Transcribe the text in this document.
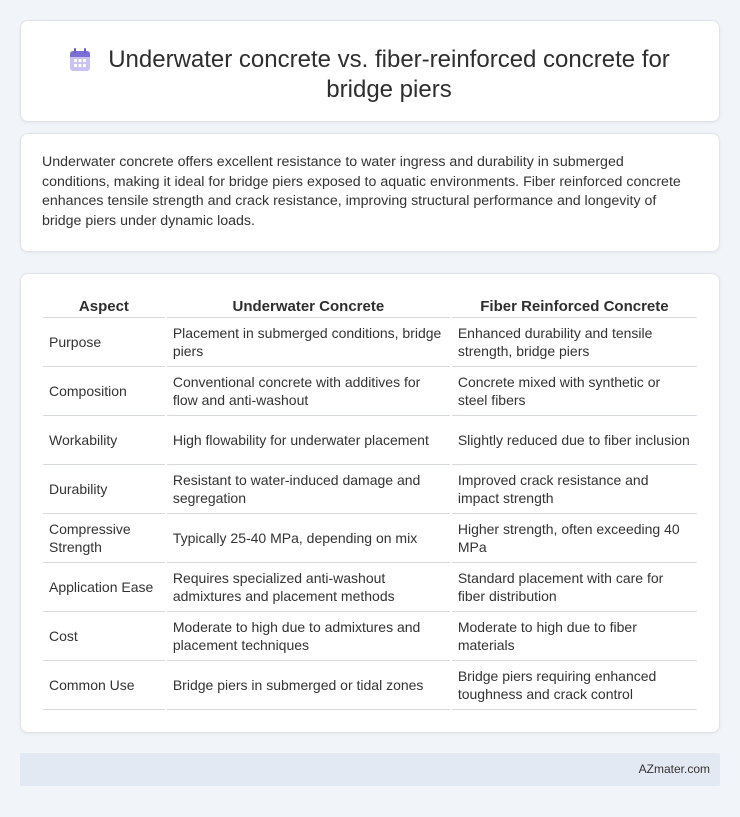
Underwater concrete vs. fiber-reinforced concrete for bridge piers

Underwater concrete offers excellent resistance to water ingress and durability in submerged conditions, making it ideal for bridge piers exposed to aquatic environments. Fiber reinforced concrete enhances tensile strength and crack resistance, improving structural performance and longevity of bridge piers under dynamic loads.

Aspect	Underwater Concrete	Fiber Reinforced Concrete
Purpose	Placement in submerged conditions, bridge piers	Enhanced durability and tensile strength, bridge piers
Composition	Conventional concrete with additives for flow and anti-washout	Concrete mixed with synthetic or steel fibers
Workability	High flowability for underwater placement	Slightly reduced due to fiber inclusion
Durability	Resistant to water-induced damage and segregation	Improved crack resistance and impact strength
Compressive Strength	Typically 25-40 MPa, depending on mix	Higher strength, often exceeding 40 MPa
Application Ease	Requires specialized anti-washout admixtures and placement methods	Standard placement with care for fiber distribution
Cost	Moderate to high due to admixtures and placement techniques	Moderate to high due to fiber materials
Common Use	Bridge piers in submerged or tidal zones	Bridge piers requiring enhanced toughness and crack control
AZmater.com
